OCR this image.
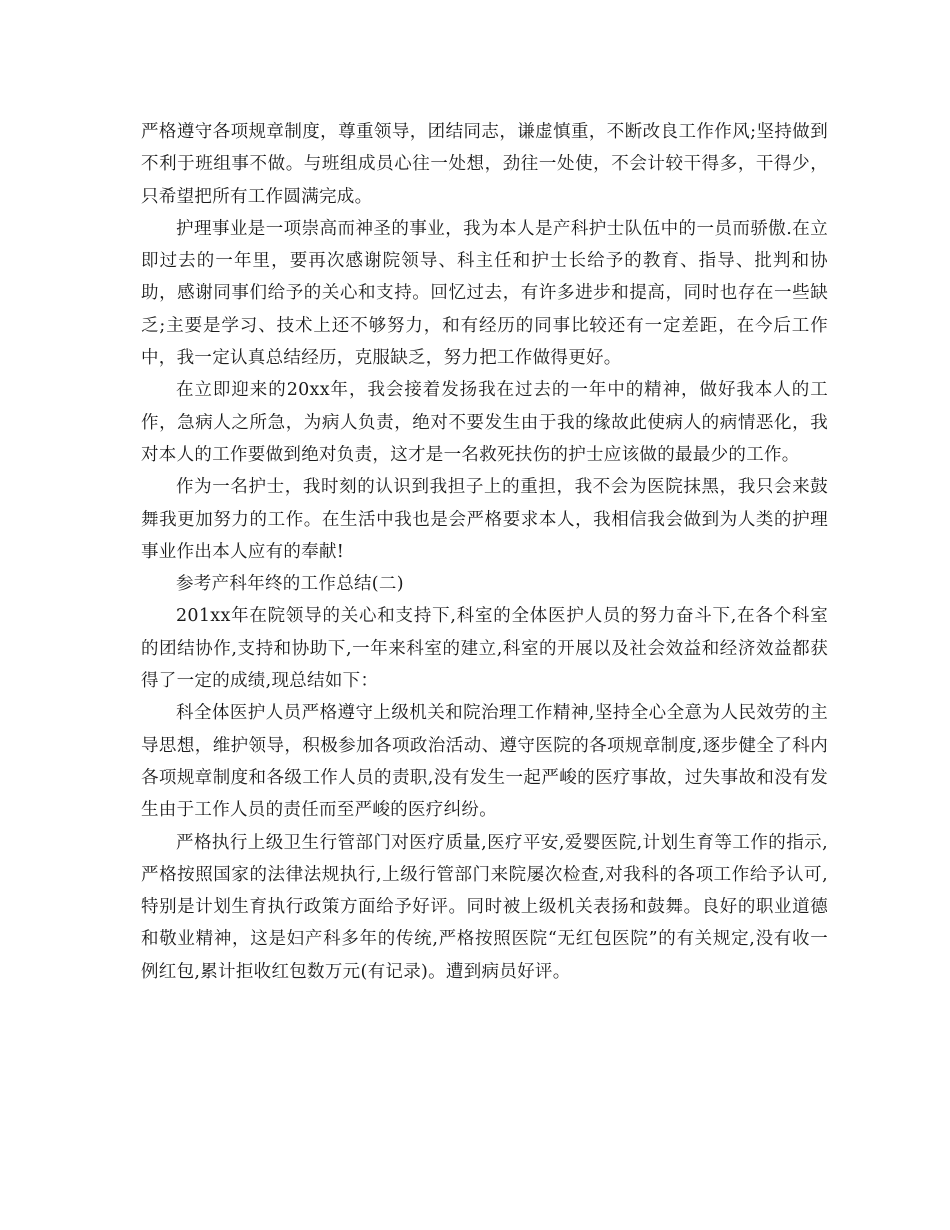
严格遵守各项规章制度，尊重领导，团结同志，谦虚慎重，不断改良工作作风;坚持做到不利于班组事不做。与班组成员心往一处想，劲往一处使，不会计较干得多，干得少，只希望把所有工作圆满完成。

护理事业是一项崇高而神圣的事业，我为本人是产科护士队伍中的一员而骄傲.在立即过去的一年里，要再次感谢院领导、科主任和护士长给予的教育、指导、批判和协助，感谢同事们给予的关心和支持。回忆过去，有许多进步和提高，同时也存在一些缺乏;主要是学习、技术上还不够努力，和有经历的同事比较还有一定差距，在今后工作中，我一定认真总结经历，克服缺乏，努力把工作做得更好。

在立即迎来的20xx年，我会接着发扬我在过去的一年中的精神，做好我本人的工作，急病人之所急，为病人负责，绝对不要发生由于我的缘故此使病人的病情恶化，我对本人的工作要做到绝对负责，这才是一名救死扶伤的护士应该做的最最少的工作。

作为一名护士，我时刻的认识到我担子上的重担，我不会为医院抹黑，我只会来鼓舞我更加努力的工作。在生活中我也是会严格要求本人，我相信我会做到为人类的护理事业作出本人应有的奉献!

参考产科年终的工作总结(二)

201xx年在院领导的关心和支持下,科室的全体医护人员的努力奋斗下,在各个科室的团结协作,支持和协助下,一年来科室的建立,科室的开展以及社会效益和经济效益都获得了一定的成绩,现总结如下：

科全体医护人员严格遵守上级机关和院治理工作精神,坚持全心全意为人民效劳的主导思想，维护领导，积极参加各项政治活动、遵守医院的各项规章制度,逐步健全了科内各项规章制度和各级工作人员的责职,没有发生一起严峻的医疗事故，过失事故和没有发生由于工作人员的责任而至严峻的医疗纠纷。

严格执行上级卫生行管部门对医疗质量,医疗平安,爱婴医院,计划生育等工作的指示,严格按照国家的法律法规执行,上级行管部门来院屡次检查,对我科的各项工作给予认可,特别是计划生育执行政策方面给予好评。同时被上级机关表扬和鼓舞。良好的职业道德和敬业精神，这是妇产科多年的传统,严格按照医院“无红包医院”的有关规定,没有收一例红包,累计拒收红包数万元(有记录)。遭到病员好评。
